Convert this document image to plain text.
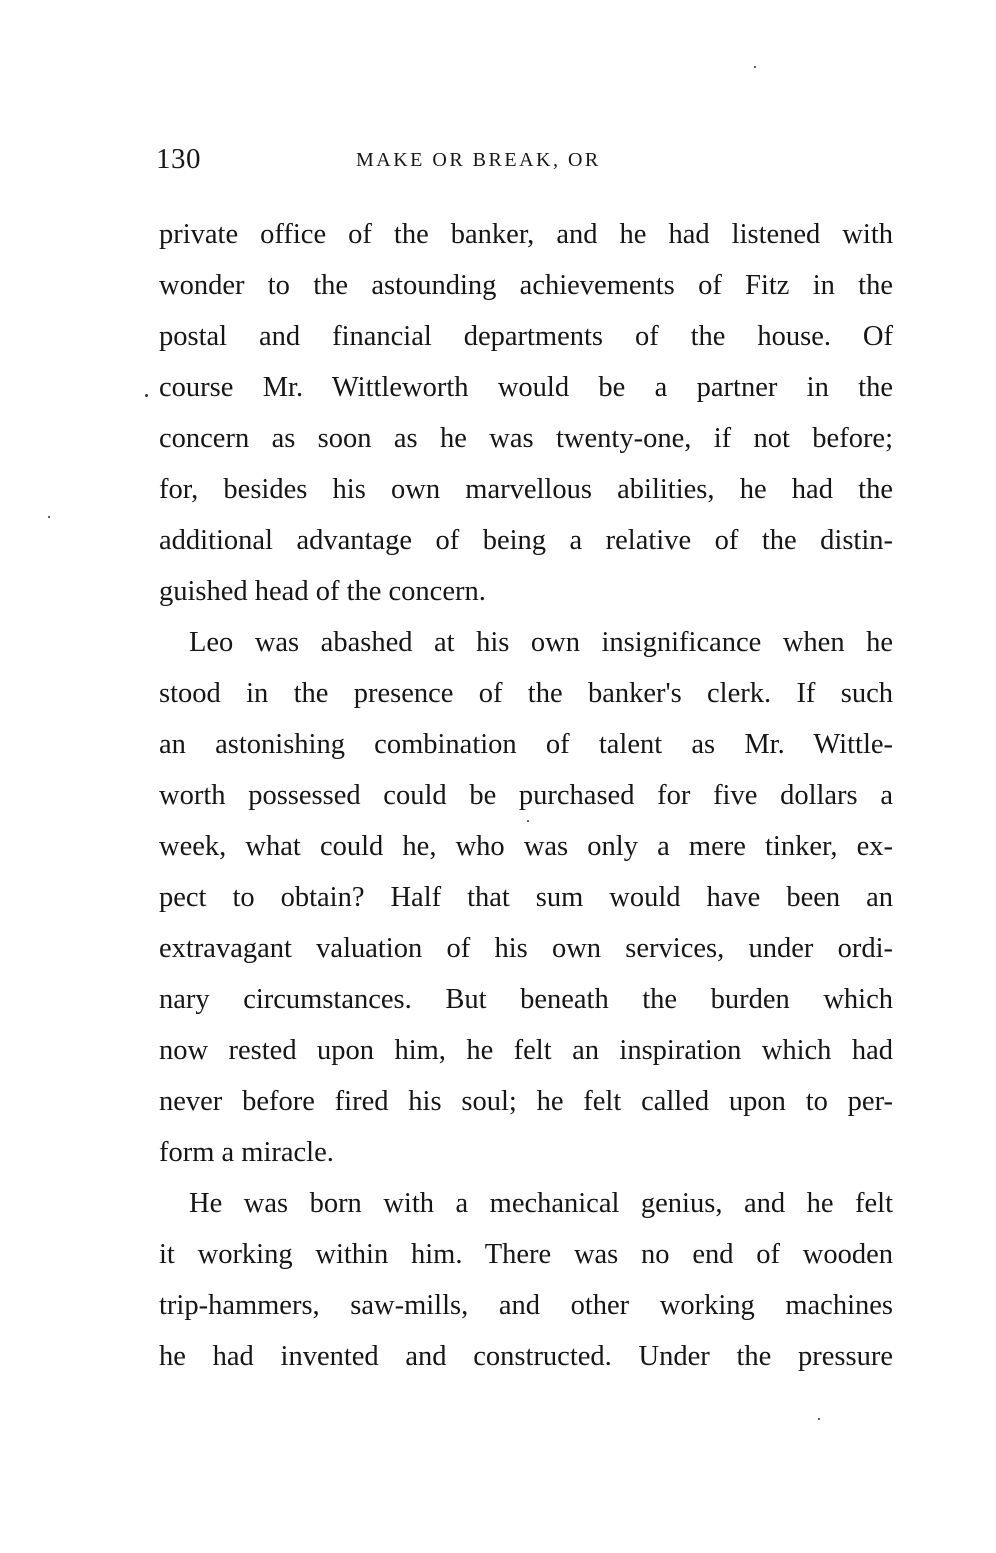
130	MAKE OR BREAK, OR
private office of the banker, and he had listened with
wonder to the astounding achievements of Fitz in the
postal and financial departments of the house. Of
course Mr. Wittleworth would be a partner in the
concern as soon as he was twenty-one, if not before;
for, besides his own marvellous abilities, he had the
additional advantage of being a relative of the distin-
guished head of the concern.
Leo was abashed at his own insignificance when he
stood in the presence of the banker's clerk. If such
an astonishing combination of talent as Mr. Wittle-
worth possessed could be purchased for five dollars a
week, what could he, who was only a mere tinker, ex-
pect to obtain? Half that sum would have been an
extravagant valuation of his own services, under ordi-
nary circumstances. But beneath the burden which
now rested upon him, he felt an inspiration which had
never before fired his soul; he felt called upon to per-
form a miracle.
He was born with a mechanical genius, and he felt
it working within him. There was no end of wooden
trip-hammers, saw-mills, and other working machines
he had invented and constructed. Under the pressure
